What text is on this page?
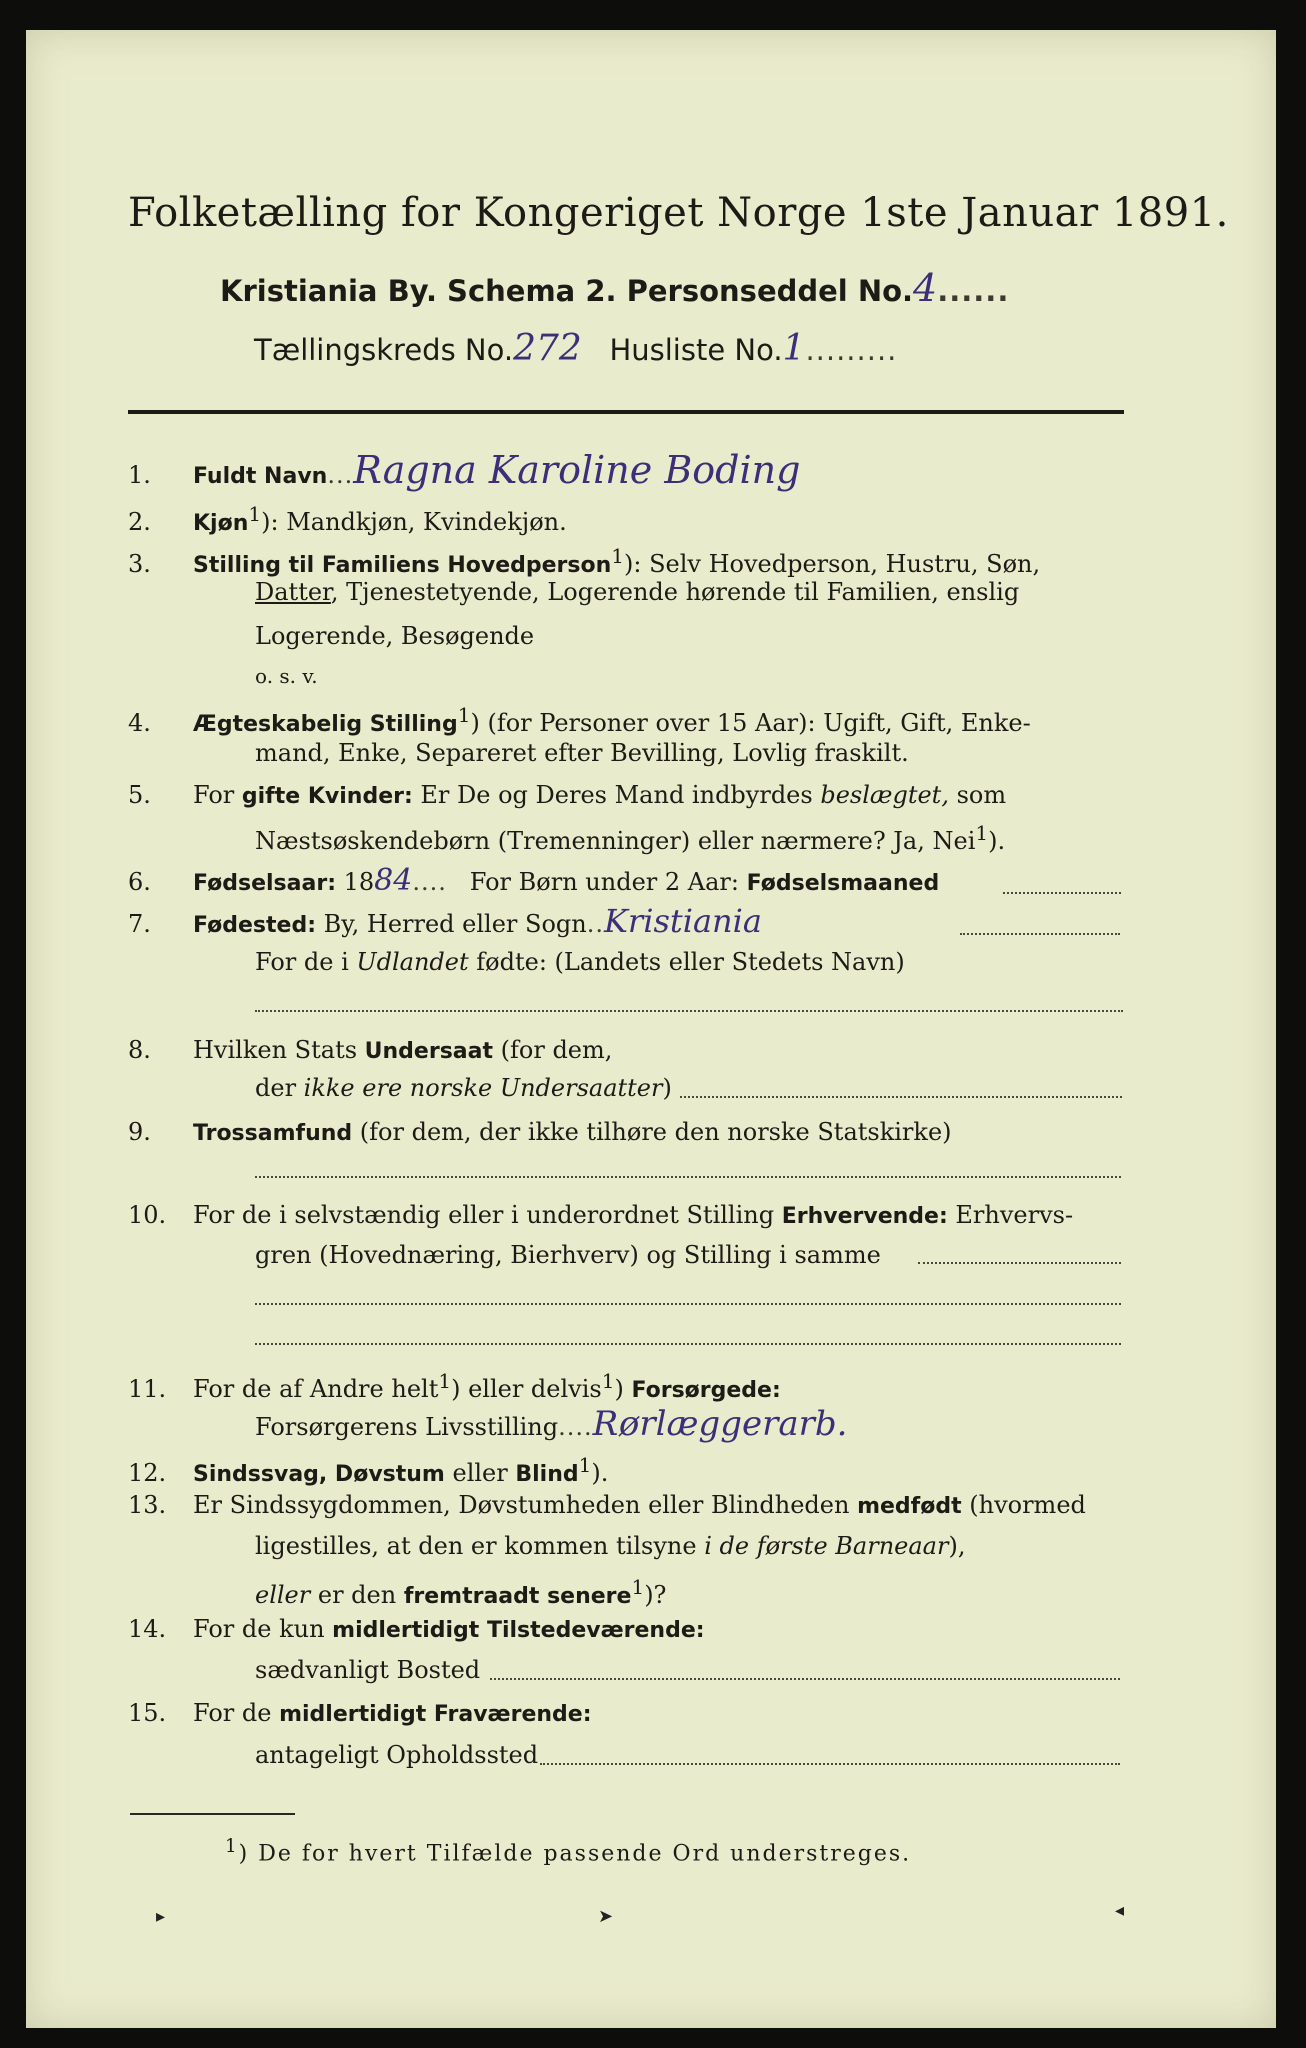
Folketælling for Kongeriget Norge 1ste Januar 1891.
Kristiania By. Schema 2. Personseddel No.4......
Tællingskreds No.272 Husliste No.1.........
1. Fuldt Navn...Ragna Karoline Boding
2. Kjøn$^1$): Mandkjøn, Kvindekjøn.
3. Stilling til Familiens Hovedperson$^1$): Selv Hovedperson, Hustru, Søn,
Datter, Tjenestetyende, Logerende hørende til Familien, enslig
Logerende, Besøgende
o. s. v.
4. Ægteskabelig Stilling$^1$) (for Personer over 15 Aar): Ugift, Gift, Enke-
mand, Enke, Separeret efter Bevilling, Lovlig fraskilt.
5. For gifte Kvinder: Er De og Deres Mand indbyrdes beslægtet, som
Næstsøskendebørn (Tremenninger) eller nærmere? Ja, Nei$^1$).
6. Fødselsaar: 1884.... For Børn under 2 Aar: Fødselsmaaned
7. Fødested: By, Herred eller Sogn..Kristiania
For de i Udlandet fødte: (Landets eller Stedets Navn)
8. Hvilken Stats Undersaat (for dem,
der ikke ere norske Undersaatter)
9. Trossamfund (for dem, der ikke tilhøre den norske Statskirke)
10. For de i selvstændig eller i underordnet Stilling Erhvervende: Erhvervs-
gren (Hovednæring, Bierhverv) og Stilling i samme
11. For de af Andre helt$^1$) eller delvis$^1$) Forsørgede:
Forsørgerens Livsstilling....Rørlæggerarb.
12. Sindssvag, Døvstum eller Blind$^1$).
13. Er Sindssygdommen, Døvstumheden eller Blindheden medfødt (hvormed
ligestilles, at den er kommen tilsyne i de første Barneaar),
eller er den fremtraadt senere$^1$)?
14. For de kun midlertidigt Tilstedeværende:
sædvanligt Bosted
15. For de midlertidigt Fraværende:
antageligt Opholdssted
$^1$) De for hvert Tilfælde passende Ord understreges.
▸	➤	◂
